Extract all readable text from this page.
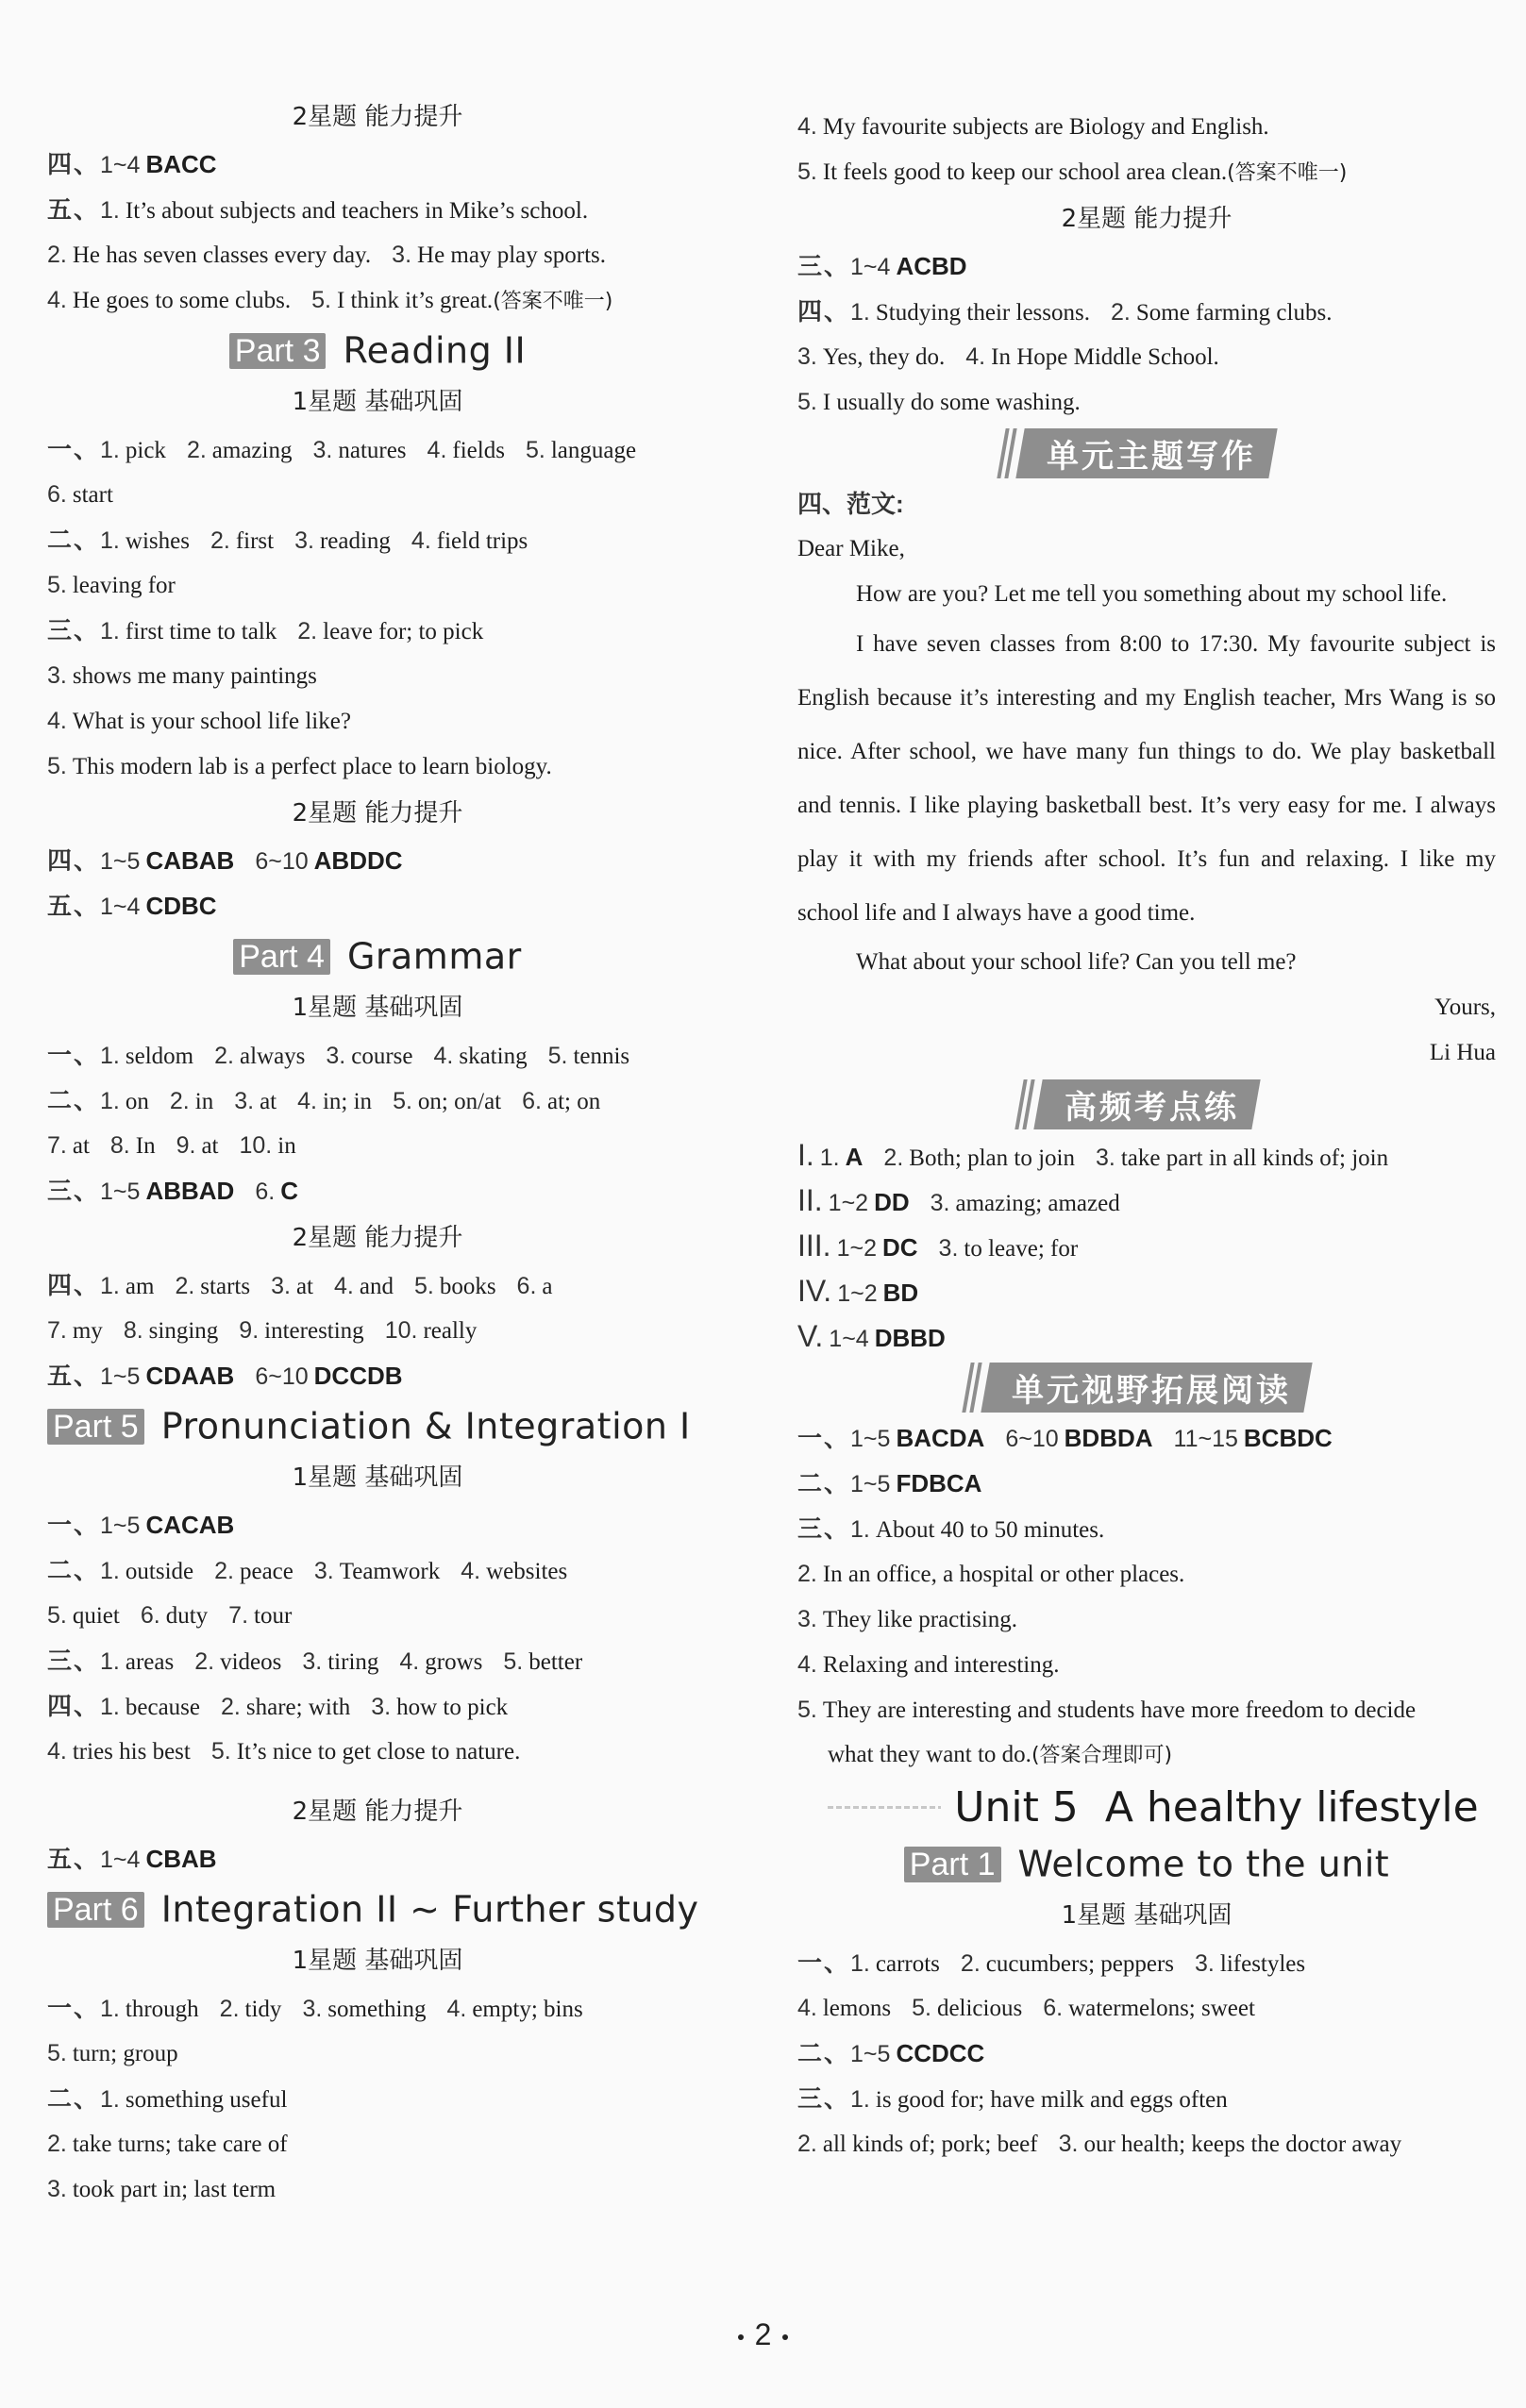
2星题 能力提升
四、1~4 BACC
五、1. It’s about subjects and teachers in Mike’s school.
2. He has seven classes every day. 3. He may play sports.
4. He goes to some clubs. 5. I think it’s great.(答案不唯一)
Part 3 Reading II
1星题 基础巩固
一、1. pick 2. amazing 3. natures 4. fields 5. language
6. start
二、1. wishes 2. first 3. reading 4. field trips
5. leaving for
三、1. first time to talk 2. leave for; to pick
3. shows me many paintings
4. What is your school life like?
5. This modern lab is a perfect place to learn biology.
2星题 能力提升
四、1~5 CABAB 6~10 ABDDC
五、1~4 CDBC
Part 4 Grammar
1星题 基础巩固
一、1. seldom 2. always 3. course 4. skating 5. tennis
二、1. on 2. in 3. at 4. in; in 5. on; on/at 6. at; on
7. at 8. In 9. at 10. in
三、1~5 ABBAD 6. C
2星题 能力提升
四、1. am 2. starts 3. at 4. and 5. books 6. a
7. my 8. singing 9. interesting 10. really
五、1~5 CDAAB 6~10 DCCDB
Part 5 Pronunciation & Integration I
1星题 基础巩固
一、1~5 CACAB
二、1. outside 2. peace 3. Teamwork 4. websites
5. quiet 6. duty 7. tour
三、1. areas 2. videos 3. tiring 4. grows 5. better
四、1. because 2. share; with 3. how to pick
4. tries his best 5. It’s nice to get close to nature.
2星题 能力提升
五、1~4 CBAB
Part 6 Integration II ~ Further study
1星题 基础巩固
一、1. through 2. tidy 3. something 4. empty; bins
5. turn; group
二、1. something useful
2. take turns; take care of
3. took part in; last term
4. My favourite subjects are Biology and English.
5. It feels good to keep our school area clean.(答案不唯一)
2星题 能力提升
三、1~4 ACBD
四、1. Studying their lessons. 2. Some farming clubs.
3. Yes, they do. 4. In Hope Middle School.
5. I usually do some washing.
单元主题写作
四、范文:
Dear Mike,
How are you? Let me tell you something about my school life.
I have seven classes from 8:00 to 17:30. My favourite subject is English because it’s interesting and my English teacher, Mrs Wang is so nice. After school, we have many fun things to do. We play basketball and tennis. I like playing basketball best. It’s very easy for me. I always play it with my friends after school. It’s fun and relaxing. I like my school life and I always have a good time.
What about your school life? Can you tell me?
Yours,
Li Hua
高频考点练
I. 1. A 2. Both; plan to join 3. take part in all kinds of; join
II. 1~2 DD 3. amazing; amazed
III. 1~2 DC 3. to leave; for
IV. 1~2 BD
V. 1~4 DBBD
单元视野拓展阅读
一、1~5 BACDA 6~10 BDBDA 11~15 BCBDC
二、1~5 FDBCA
三、1. About 40 to 50 minutes.
2. In an office, a hospital or other places.
3. They like practising.
4. Relaxing and interesting.
5. They are interesting and students have more freedom to decide
what they want to do.(答案合理即可)
Unit 5 A healthy lifestyle
Part 1 Welcome to the unit
1星题 基础巩固
一、1. carrots 2. cucumbers; peppers 3. lifestyles
4. lemons 5. delicious 6. watermelons; sweet
二、1~5 CCDCC
三、1. is good for; have milk and eggs often
2. all kinds of; pork; beef 3. our health; keeps the doctor away
2
